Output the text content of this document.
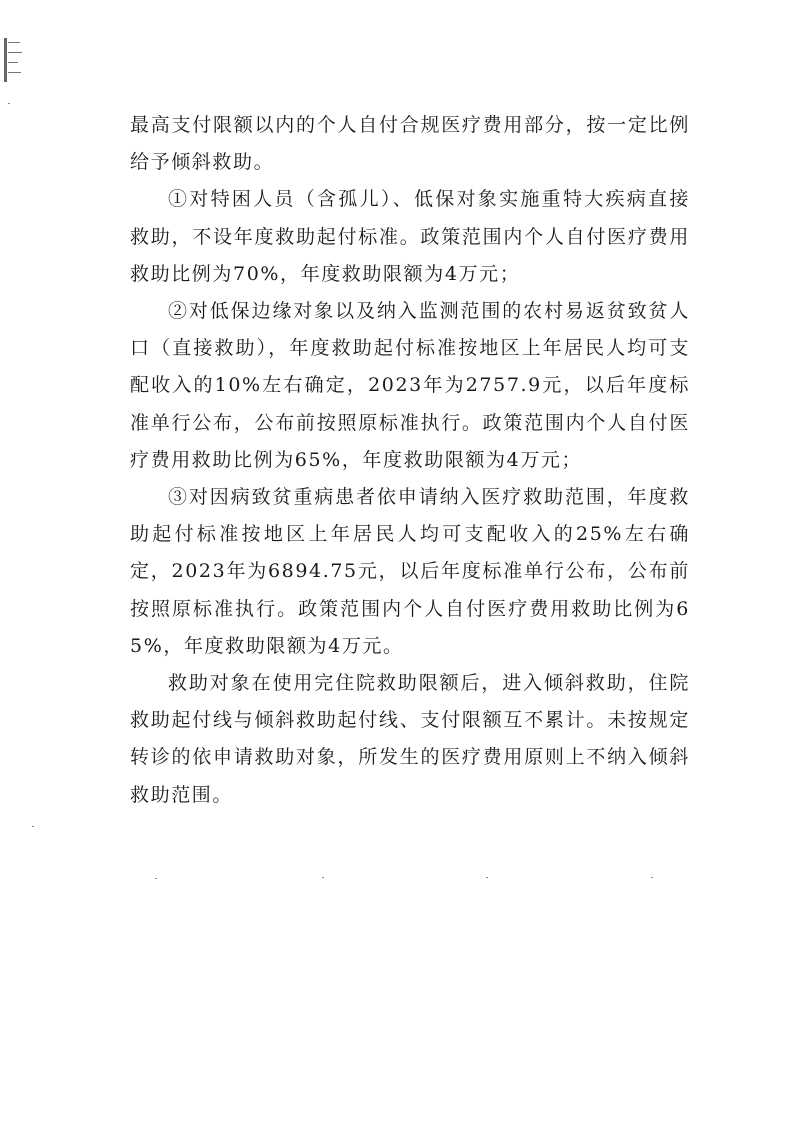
最高支付限额以内的个人自付合规医疗费用部分，按一定比例给予倾斜救助。

①对特困人员（含孤儿）、低保对象实施重特大疾病直接救助，不设年度救助起付标准。政策范围内个人自付医疗费用救助比例为70%，年度救助限额为4万元；

②对低保边缘对象以及纳入监测范围的农村易返贫致贫人口（直接救助），年度救助起付标准按地区上年居民人均可支配收入的10%左右确定，2023年为2757.9元，以后年度标准单行公布，公布前按照原标准执行。政策范围内个人自付医疗费用救助比例为65%，年度救助限额为4万元；

③对因病致贫重病患者依申请纳入医疗救助范围，年度救助起付标准按地区上年居民人均可支配收入的25%左右确定，2023年为6894.75元，以后年度标准单行公布，公布前按照原标准执行。政策范围内个人自付医疗费用救助比例为65%，年度救助限额为4万元。

救助对象在使用完住院救助限额后，进入倾斜救助，住院救助起付线与倾斜救助起付线、支付限额互不累计。未按规定转诊的依申请救助对象，所发生的医疗费用原则上不纳入倾斜救助范围。
